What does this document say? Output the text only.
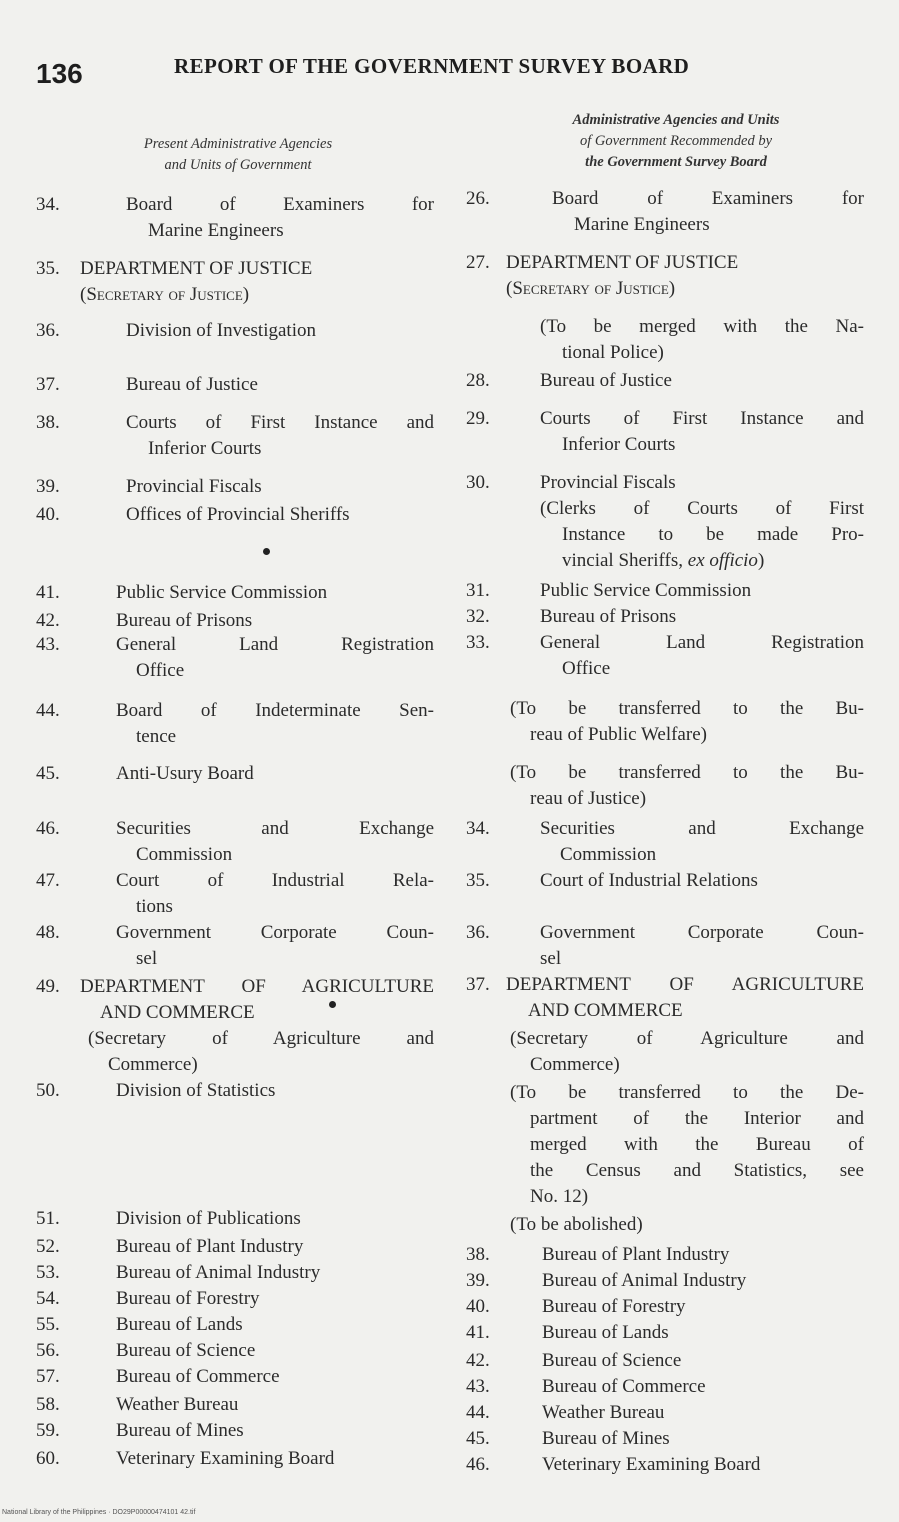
136	REPORT OF THE GOVERNMENT SURVEY BOARD
Present Administrative Agencies
and Units of Government
Administrative Agencies and Units
of Government Recommended by
the Government Survey Board
34.	Board of Examiners for
Marine Engineers
35.	DEPARTMENT OF JUSTICE
(Secretary of Justice)
36.	Division of Investigation
37.	Bureau of Justice
38.	Courts of First Instance and
Inferior Courts
39.	Provincial Fiscals
40.	Offices of Provincial Sheriffs
41.	Public Service Commission
42.	Bureau of Prisons
43.	General Land Registration
Office
44.	Board of Indeterminate Sen-
tence
45.	Anti-Usury Board
46.	Securities and Exchange
Commission
47.	Court of Industrial Rela-
tions
48.	Government Corporate Coun-
sel
49.	DEPARTMENT OF AGRICULTURE
AND COMMERCE
(Secretary of Agriculture and
Commerce)
50.	Division of Statistics
51.	Division of Publications
52.	Bureau of Plant Industry
53.	Bureau of Animal Industry
54.	Bureau of Forestry
55.	Bureau of Lands
56.	Bureau of Science
57.	Bureau of Commerce
58.	Weather Bureau
59.	Bureau of Mines
60.	Veterinary Examining Board
26.	Board of Examiners for
Marine Engineers
27. DEPARTMENT OF JUSTICE
(Secretary of Justice)
(To be merged with the Na-
tional Police)
28.	Bureau of Justice
29.	Courts of First Instance and
Inferior Courts
30.	Provincial Fiscals
(Clerks of Courts of First
Instance to be made Pro-
vincial Sheriffs, ex officio)
31.	Public Service Commission
32.	Bureau of Prisons
33.	General Land Registration
Office
(To be transferred to the Bu-
reau of Public Welfare)
(To be transferred to the Bu-
reau of Justice)
34.	Securities and Exchange
Commission
35.	Court of Industrial Relations
36.	Government Corporate Coun-
sel
37. DEPARTMENT OF AGRICULTURE
AND COMMERCE
(Secretary of Agriculture and
Commerce)
(To be transferred to the De-
partment of the Interior and
merged with the Bureau of
the Census and Statistics, see
No. 12)
(To be abolished)
38.	Bureau of Plant Industry
39.	Bureau of Animal Industry
40.	Bureau of Forestry
41.	Bureau of Lands
42.	Bureau of Science
43.	Bureau of Commerce
44.	Weather Bureau
45.	Bureau of Mines
46.	Veterinary Examining Board
National Library of the Philippines · DO29P00000474101 42.tif
